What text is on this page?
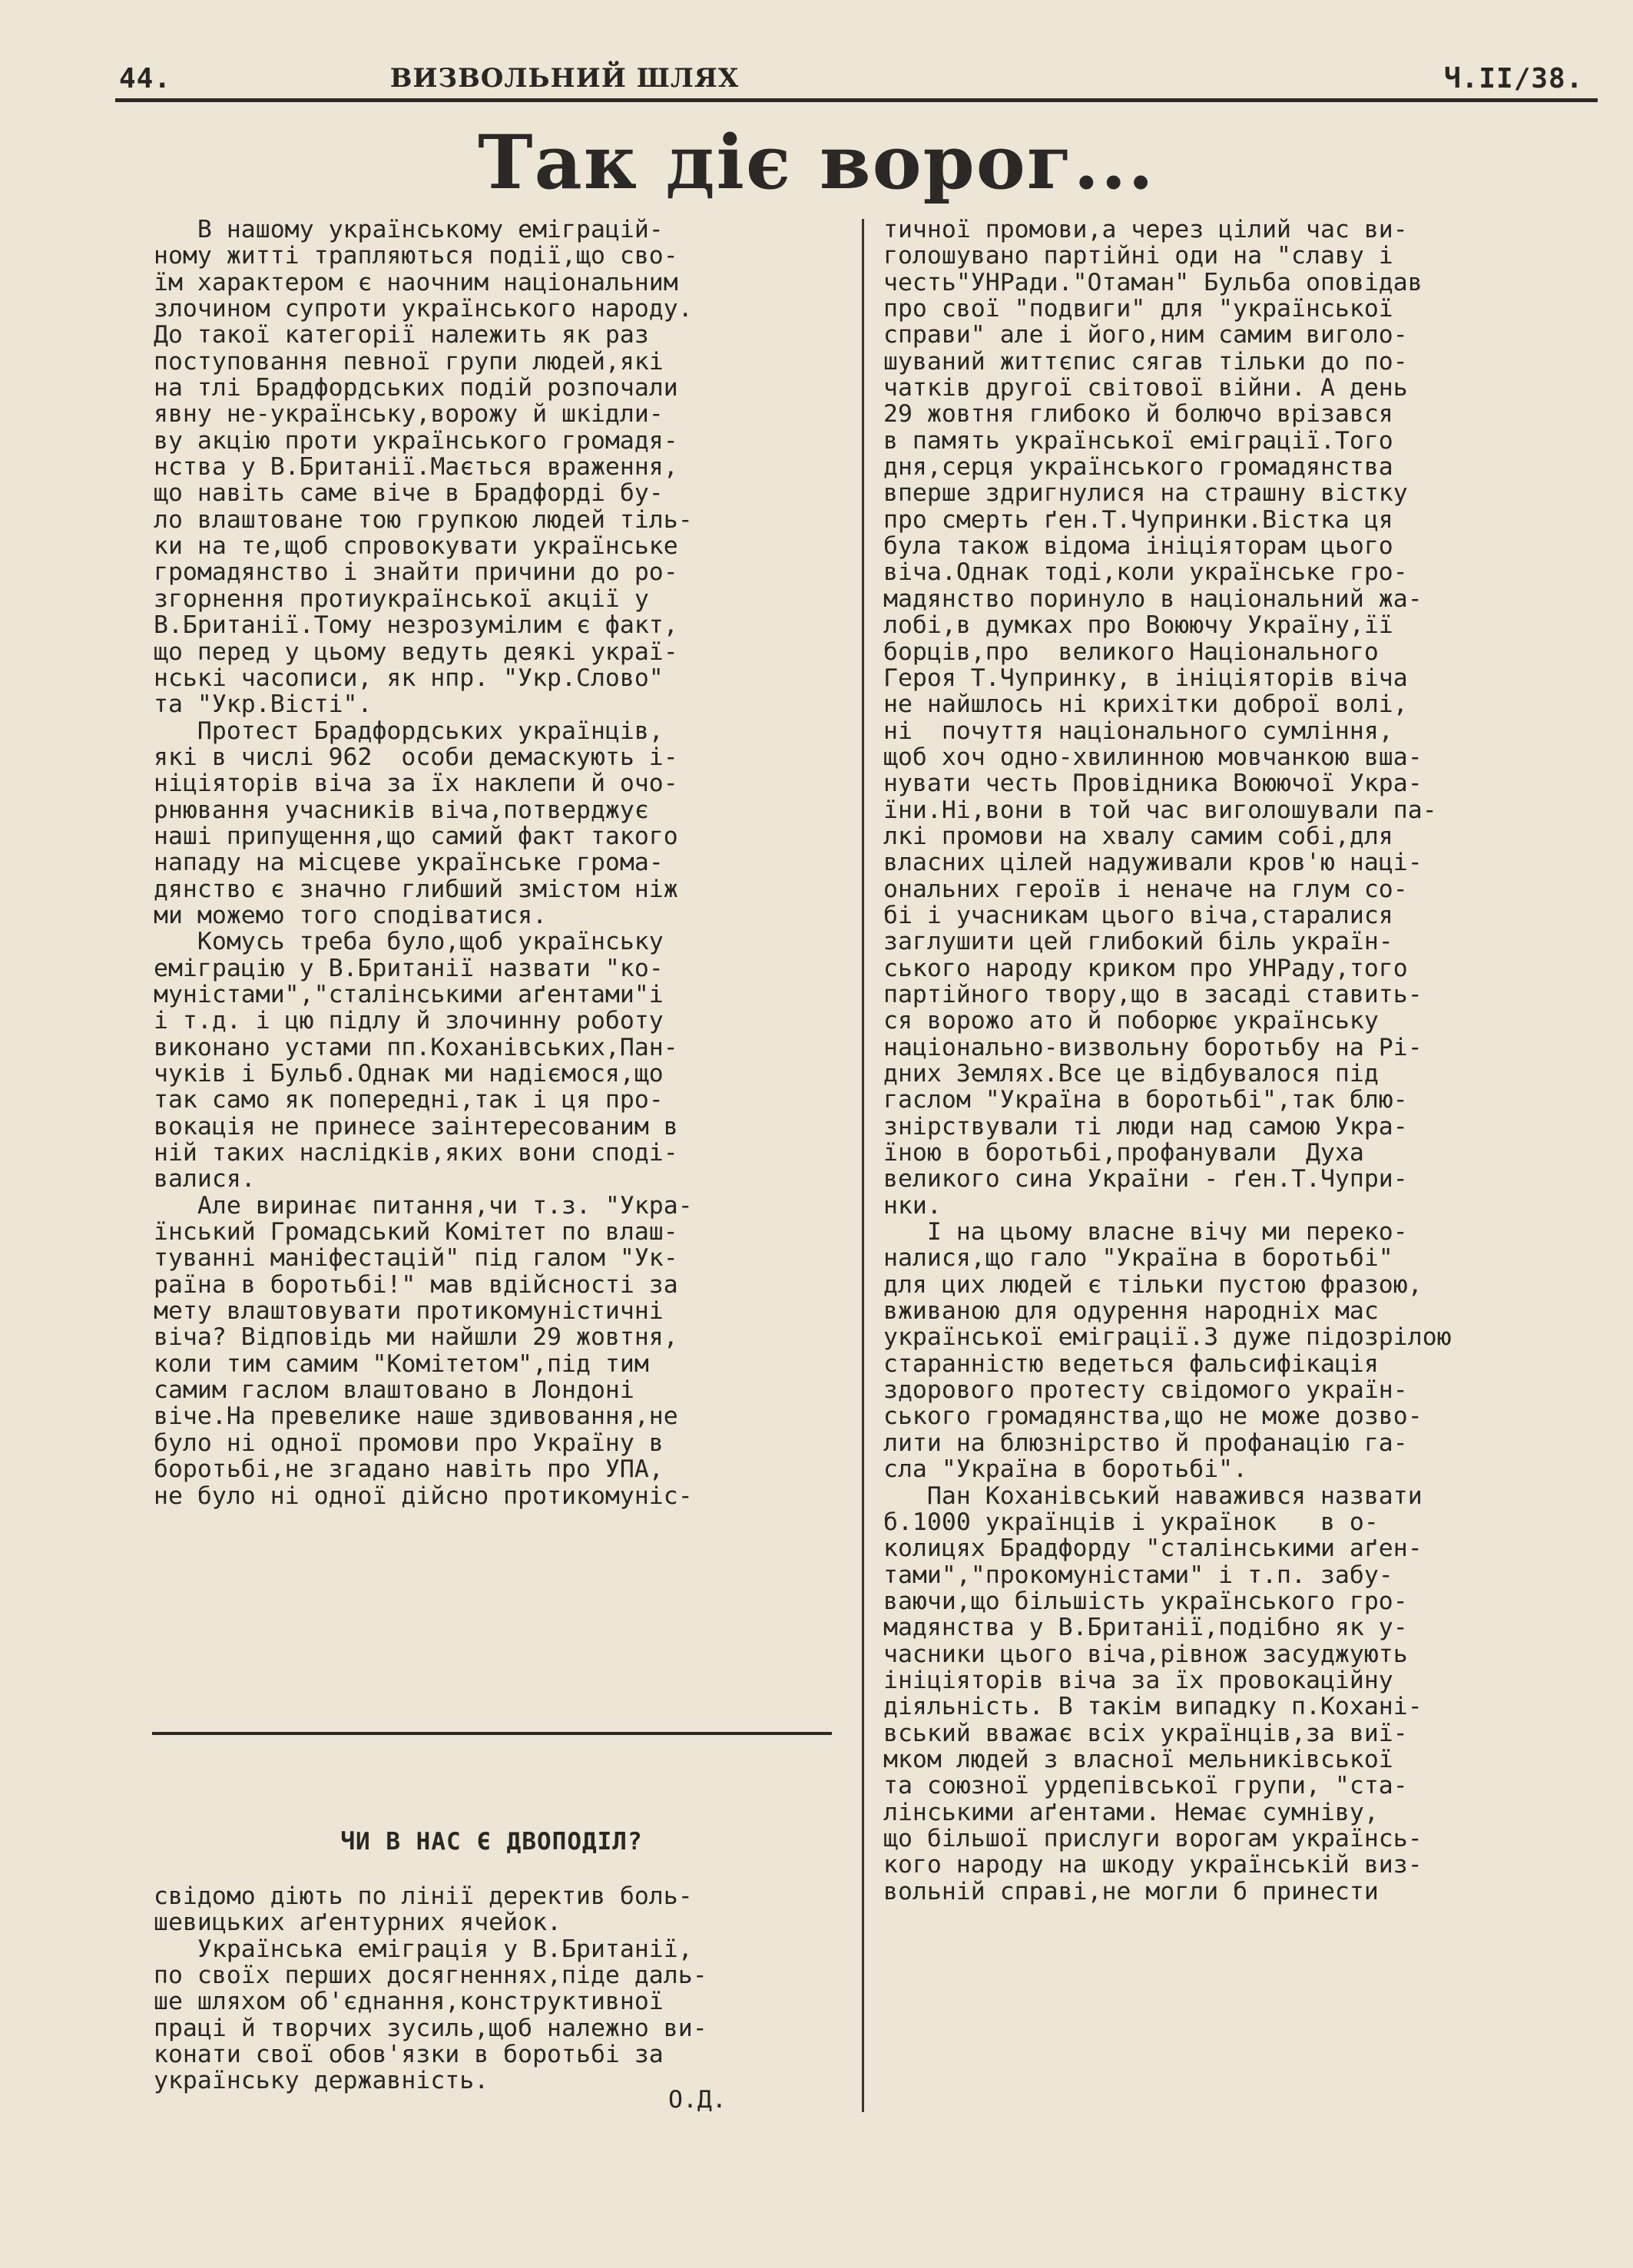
44.	ВИЗВОЛЬНИЙ ШЛЯХ	Ч.ІІ/38.
Так діє ворог...
В нашому українському еміграцій-
ному житті трапляються події,що сво-
їм характером є наочним національним
злочином супроти українського народу.
До такої категорії належить як раз
поступовання певної групи людей,які
на тлі Брадфордських подій розпочали
явну не-українську,ворожу й шкідли-
ву акцію проти українського громадя-
нства у В.Британії.Мається враження,
що навіть саме віче в Брадфорді бу-
ло влаштоване тою групкою людей тіль-
ки на те,щоб спровокувати українське
громадянство і знайти причини до ро-
згорнення протиукраїнської акції у
В.Британії.Тому незрозумілим є факт,
що перед у цьому ведуть деякі украї-
нські часописи, як нпр. "Укр.Слово"
та "Укр.Вісті".
Протест Брадфордських українців,
які в числі 962  особи демаскують і-
ніціяторів віча за їх наклепи й очо-
рнювання учасників віча,потверджує
наші припущення,що самий факт такого
нападу на місцеве українське грома-
дянство є значно глибший змістом ніж
ми можемо того сподіватися.
Комусь треба було,щоб українську
еміграцію у В.Британії назвати "ко-
муністами","сталінськими аґентами"і
і т.д. і цю підлу й злочинну роботу
виконано устами пп.Коханівських,Пан-
чуків і Бульб.Однак ми надіємося,що
так само як попередні,так і ця про-
вокація не принесе заінтересованим в
ній таких наслідків,яких вони споді-
валися.
Але виринає питання,чи т.з. "Укра-
їнський Громадський Комітет по влаш-
туванні маніфестацій" під галом "Ук-
раїна в боротьбі!" мав вдійсності за
мету влаштовувати протикомуністичні
віча? Відповідь ми найшли 29 жовтня,
коли тим самим "Комітетом",під тим
самим гаслом влаштовано в Лондоні
віче.На превелике наше здивовання,не
було ні одної промови про Україну в
боротьбі,не згадано навіть про УПА,
не було ні одної дійсно протикомуніс-
тичної промови,а через цілий час ви-
голошувано партійні оди на "славу і
честь"УНРади."Отаман" Бульба оповідав
про свої "подвиги" для "української
справи" але і його,ним самим виголо-
шуваний життєпис сягав тільки до по-
чатків другої світової війни. А день
29 жовтня глибоко й болючо врізався
в память української еміграції.Того
дня,серця українського громадянства
вперше здригнулися на страшну вістку
про смерть ґен.Т.Чупринки.Вістка ця
була також відома ініціяторам цього
віча.Однак тоді,коли українське гро-
мадянство поринуло в національний жа-
лобі,в думках про Воюючу Україну,її
борців,про  великого Національного
Героя Т.Чупринку, в ініціяторів віча
не найшлось ні крихітки доброї волі,
ні  почуття національного сумління,
щоб хоч одно-хвилинною мовчанкою вша-
нувати честь Провідника Воюючої Укра-
їни.Ні,вони в той час виголошували па-
лкі промови на хвалу самим собі,для
власних цілей надуживали кров'ю наці-
ональних героїв і неначе на глум со-
бі і учасникам цього віча,старалися
заглушити цей глибокий біль україн-
ського народу криком про УНРаду,того
партійного твору,що в засаді ставить-
ся ворожо ато й поборює українську
національно-визвольну боротьбу на Рі-
дних Землях.Все це відбувалося під
гаслом "Україна в боротьбі",так блю-
знірствували ті люди над самою Укра-
їною в боротьбі,профанували  Духа
великого сина України - ґен.Т.Чупри-
нки.
І на цьому власне вічу ми переко-
налися,що гало "Україна в боротьбі"
для цих людей є тільки пустою фразою,
вживаною для одурення народніх мас
української еміграції.З дуже підозрілою
старанністю ведеться фальсифікація
здорового протесту свідомого україн-
ського громадянства,що не може дозво-
лити на блюзнірство й профанацію га-
сла "Україна в боротьбі".
Пан Коханівський наважився назвати
б.1000 українців і українок   в о-
колицях Брадфорду "сталінськими аґен-
тами","прокомуністами" і т.п. забу-
ваючи,що більшість українського гро-
мадянства у В.Британії,подібно як у-
часники цього віча,рівнож засуджують
ініціяторів віча за їх провокаційну
діяльність. В такім випадку п.Кохані-
вський вважає всіх українців,за виї-
мком людей з власної мельниківської
та союзної урдепівської групи, "ста-
лінськими аґентами. Немає сумніву,
що більшої прислуги ворогам українсь-
кого народу на шкоду українській виз-
вольній справі,не могли б принести
ЧИ В НАС Є ДВОПОДІЛ?
свідомо діють по лінії деректив боль-
шевицьких аґентурних ячейок.
Українська еміграція у В.Британії,
по своїх перших досягненнях,піде даль-
ше шляхом об'єднання,конструктивної
праці й творчих зусиль,щоб належно ви-
конати свої обов'язки в боротьбі за
українську державність.
О.Д.
